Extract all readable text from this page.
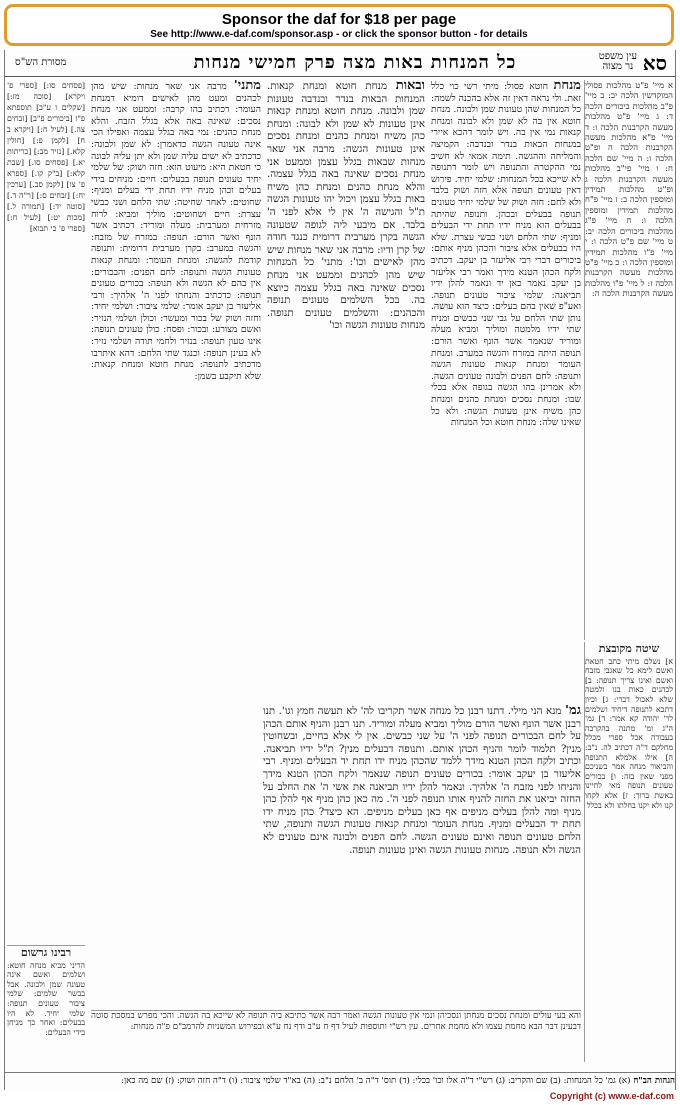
Sponsor the daf for $18 per page
See http://www.e-daf.com/sponsor.asp - or click the sponsor button - for details
סא
כל המנחות באות מצה פרק חמישי מנחות	עין משפט
נר מצוה
מסורת הש"ס
א מיי' פ"ט מהלכות פסולי המוקדשין הלכה יב: ב מיי' פ"ב מהלכות ביכורים הלכה ד: ג מיי' פ"ט מהלכות מעשה הקרבנות הלכה ו: ד מיי' פ"א מהלכות מעשה הקרבנות הלכה ה ופ"ט הלכה ו: ה מיי' שם הלכה ח: ו מיי' פי"ב מהלכות מעשה הקרבנות הלכה ג ופ"ט מהלכות תמידין ומוספין הלכה ב: ז מיי' פ"ח מהלכות תמידין ומוספין הלכה ו: ח מיי' פ"ג מהלכות ביכורים הלכה יב: ט מיי' שם פ"ט הלכה ו: י מיי' פ"ו מהלכות תמידין ומוספין הלכה ו: כ מיי' פ"ט מהלכות מעשה הקרבנות הלכה ז: ל מיי' פ"ו מהלכות מעשה הקרבנות הלכה ה:
שיטה מקובצת
א] נשלם מיתי כתב חטאת ואשם לימא כל שאגבי מזבח ואשם ואינו צריך תנופה: ב] לכהנים כאות בנו ולמטה שלא לאכול דברי: ג] וכיון דתכא לתנופה דיחיד ושלמים לר' יהודה קא אמר: ד] גמ' ה"ג ומ' מתנה בהקרבה בעבודה אכל ספרי מכלל מחלקם ד"ה דכתיב לה. נ"ב: ה] אילו אלמלא התנופה והביאור מנחה אמר בשניכם מפני שאין בזה: ו] בכורים טעונים תנופה מאי לחיינו באשת ברוך: ז] אלא לקחו קנו ולא יקנו בחלתו ולא בכלל
מנחת חוטא פסול: מיתי רשי כוי כלל זאת. ולי נראה דאין זה אלא בהכנה לשמה: כל המנחות שהן טעונות שמן ולבונה. מנחת חוטא אין בה לא שמן ולא לבונה ומנחת קנאות נמי אין בה. ויש לומר דהכא איירי במנחות הבאות בנדר ובנדבה: הקמיצה והמליחה וההגשה. תימה אמאי לא חשיב נמי ההקטרה והתנופה ויש לומר דתנופה לא שייכא בכל המנחות: שלמי יחיד. פירוש דאין טעונים תנופה אלא חזה ושוק בלבד ולא לחם: חזה ושוק של שלמי יחיד טעונים תנופה בבעלים ובכהן. ותנופה שהיתה בבעלים הוא מניח ידיו תחת ידי הבעלים ומניף: שתי הלחם ושני כבשי עצרת. שלא היו בבעלים אלא ציבור והכהן מניף אותם: ביכורים דברי רבי אליעזר בן יעקב. דכתיב ולקח הכהן הטנא מידך ואמר רבי אליעזר בן יעקב נאמר כאן יד ונאמר להלן ידיו תביאנה: שלמי ציבור טעונים תנופה. ואע"פ שאין בהם בעלים: כיצד הוא עושה. נותן שתי הלחם על גבי שני כבשים ומניח שתי ידיו מלמטה ומוליך ומביא מעלה ומוריד שנאמר אשר הונף ואשר הורם: תנופה היתה במזרח והגשה במערב. ומנחת העומר ומנחת קנאות טעונות הגשה ותנופה: לחם הפנים ולבונה טעונים הגשה. ולא אמרינן בהו הגשה בגופה אלא בכלי שבו: ומנחת נסכים ומנחת כהנים ומנחת כהן משיח אינן טעונות הגשה: ולא כל שאינו שלה: מנחת חוטא וכל המנחות
ובאות מנחת חוטא ומנחת קנאות. המנחות הבאות בנדר ובנדבה טעונות שמן ולבונה. מנחת חוטא ומנחת קנאות אינן טעונות לא שמן ולא לבונה: ומנחת כהן משיח ומנחת כהנים ומנחת נסכים אינן טעונות הגשה: מרבה אני שאר מנחות שבאות בגלל עצמן וממעט אני מנחת נסכים שאינה באה בגלל עצמה. והלא מנחת כהנים ומנחת כהן משיח באות בגלל עצמן ויכול יהו טעונות הגשה ת"ל והגישה ה' אין לי אלא לפני ה' בלבד. אם מיבעי ליה לגופה שטעונה הגשה בקרן מערבית דרומית כנגד חודה של קרן ודיו: מרבה אני שאר מנחות שיש מהן לאישים וכו': מתני' כל המנחות שיש מהן לכהנים וממעט אני מנחת נסכים שאינה באה בגלל עצמה כיוצא בה. בכל השלמים טעונים תנופה והכהנים: והשלמים טעונים תנופה. מנחות טעונות הגשה וכו'
מתני' מרבה אני שאר מנחות: שיש מהן לכהנים ומעט מהן לאישים דומיא דמנחת העומר: דכתיב בהו קרבה: וממעט אני מנחת נסכים: שאינה באה אלא בגלל הזבח. והלא מנחת כהנים: נמי באה בגלל עצמה ואפילו הכי אינה טעונה הגשה כדאמרן: לא שמן ולבונה: כדכתיב לא ישים עליה שמן ולא יתן עליה לבונה כי חטאת היא: מיעוט הוא: חזה ושוק: של שלמי יחיד טעונים תנופה בבעלים: חיים: מניחים בידי בעלים וכהן מניח ידיו תחת ידי בעלים ומניף: שחוטים: לאחר שחיטה: שתי הלחם ושני כבשי עצרת: חיים ושחוטים: מוליך ומביא: לרוח מזרחית ומערבית: מעלה ומוריד: דכתיב אשר הונף ואשר הורם: תנופה: במזרח של מזבח: והגשה במערב: בקרן מערבית דרומית: ותנופה קודמת להגשה: ומנחת העומר: ומנחת קנאות טעונות הגשה ותנופה: לחם הפנים: והבכורים: אין בהם לא הגשה ולא תנופה: בכורים טעונים תנופה: כדכתיב והנחתו לפני ה' אלהיך: ורבי אליעזר בן יעקב אומר: שלמי ציבור: ושלמי יחיד: וחזה ושוק של בכור ומעשר: וכולן ושלמי הנזיר: ואשם מצורע: ובכור: ופסח: כולן טעונים תנופה: אינו טעון תנופה: בנזיר ולחמי תודה ושלמי נזיר: לא בעינן תנופה: וכנגד שתי הלחם: דהא איתרבו מדכתיב לתנופה: מנחת חוטא ומנחת קנאות: שלא תיקבע בשמן:
[פסחים סו:] [ספרי פ' ויקרא] [סוכה מז:] [שקלים ו ע"ב] תוספתא פ"ז [ביכורים פ"ב] [זבחים צה.] [לעיל ח:] [ויקרא ב ח] [לקמן פ:] [חולין קלא.] [נזיר מב:] [כריתות יא.] [פסחים סו.] [שבת קלא:] [ב"ק קו.] [ספרא פ' צו] [לקמן סב.] [ערכין יח:] [זבחים ס:] [ר"ה ד.] [סוטה יד:] [תמורה ל.] [מכות יט:] [לעיל ח:] [ספרי פ' כי תבוא]
רבינו גרשום
הריני מביא מנחה חוטא: ושלמים ואשם אינה טעונה שמן ולבונה. אבל בבשר שלמים: שלמי ציבור טעונים תנופה: שלמי יחיד. לא היו בבעלים: ואחר כך מניחן בידי הבעלים:
גמ' מנא הני מילי. דתנו רבנן כל מנחה אשר תקריבו לה' לא תעשה חמץ וגו'. תנו רבנן אשר הונף ואשר הורם מוליך ומביא מעלה ומוריד. תנו רבנן והניף אותם הכהן על לחם הבכורים תנופה לפני ה' על שני כבשים. אין לי אלא בחיים, ובשחוטין מנין? תלמוד לומר והניף הכהן אותם. ותנופה דבעלים מנין? ת"ל ידיו תביאנה. וכתיב ולקח הכהן הטנא מידך ללמד שהכהן מניח ידו תחת יד הבעלים ומניף. רבי אליעזר בן יעקב אומר: בכורים טעונים תנופה שנאמר ולקח הכהן הטנא מידך והניחו לפני מזבח ה' אלהיך. ונאמר להלן ידיו תביאנה את אשי ה' את החלב על החזה יביאנו את החזה להניף אותו תנופה לפני ה'. מה כאן כהן מניף אף להלן כהן מניף ומה להלן בעלים מניפים אף כאן בעלים מניפים. הא כיצד? כהן מניח ידו תחת יד הבעלים ומניף. מנחת העומר ומנחת קנאות טעונות הגשה ותנופה, שתי הלחם טעונים תנופה ואינם טעונים הגשה. לחם הפנים ולבונה אינם טעונים לא הגשה ולא תנופה. מנחות טעונות הגשה ואינן טעונות תנופה.
והא בעי עולים ומנחת נסכים מנחתן ונסכיהן ונמי אין טעונות הגשה ואמר רבה אשר כתיבא ביה תנופה לא שייכא בה הגשה. והכי מפרש במסכת סוטה דבעינן דבר הבא מחמת עצמו ולא מחמת אחרים. עין רש"י ותוספות לעיל דף ח ע"ב ודף נח ע"א ובפירוש המשניות להרמב"ם פ"ה מנחות:
הגהות הב"ח (א) גמ' כל המנחות: (ב) שם והקריב: (ג) רש"י ד"ה אלו וכו' בכלי: (ד) תוס' ד"ה ב' הלחם נ"ב: (ה) בא"ד שלמי ציבור: (ו) ד"ה חזה ושוק: (ז) שם מה כאן:
Copyright (c) www.e-daf.com
